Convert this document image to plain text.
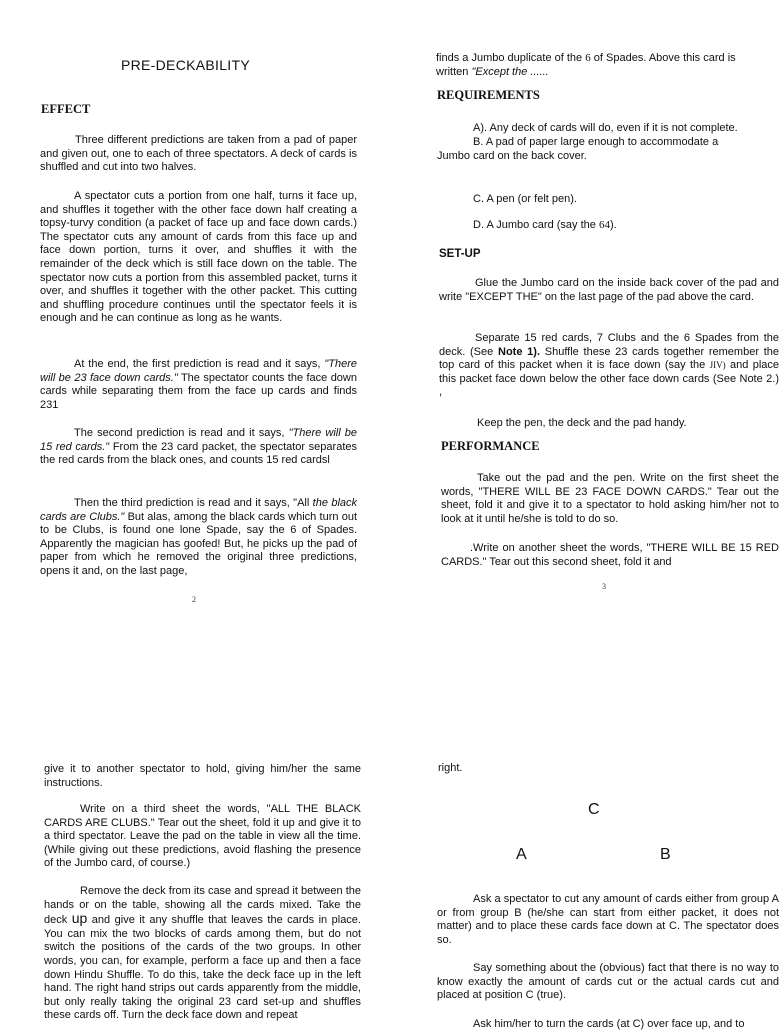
PRE-DECKABILITY
EFFECT

Three different predictions are taken from a pad of paper and given out, one to each of three spectators. A deck of cards is shuffled and cut into two halves.

A spectator cuts a portion from one half, turns it face up, and shuffles it together with the other face down half creating a topsy-turvy condition (a packet of face up and face down cards.) The spectator cuts any amount of cards from this face up and face down portion, turns it over, and shuffles it with the remainder of the deck which is still face down on the table. The spectator now cuts a portion from this assembled packet, turns it over, and shuffles it together with the other packet. This cutting and shuffling procedure continues until the spectator feels it is enough and he can continue as long as he wants.

At the end, the first prediction is read and it says, "There will be 23 face down cards." The spectator counts the face down cards while separating them from the face up cards and finds 231

The second prediction is read and it says, "There will be 15 red cards." From the 23 card packet, the spectator separates the red cards from the black ones, and counts 15 red cardsl

Then the third prediction is read and it says, "All the black cards are Clubs." But alas, among the black cards which turn out to be Clubs, is found one lone Spade, say the 6 of Spades. Apparently the magician has goofed! But, he picks up the pad of paper from which he removed the original three predictions, opens it and, on the last page,

2

finds a Jumbo duplicate of the 6 of Spades. Above this card is written "Except the ......

REQUIREMENTS

A). Any deck of cards will do, even if it is not complete.

B. A pad of paper large enough to accommodate a Jumbo card on the back cover.

C. A pen (or felt pen).

D. A Jumbo card (say the 64).

SET-UP

Glue the Jumbo card on the inside back cover of the pad and write "EXCEPT THE" on the last page of the pad above the card.

Separate 15 red cards, 7 Clubs and the 6 Spades from the deck. (See Note 1). Shuffle these 23 cards together remember the top card of this packet when it is face down (say the JIV) and place this packet face down below the other face down cards (See Note 2.) ,

Keep the pen, the deck and the pad handy.

PERFORMANCE

Take out the pad and the pen. Write on the first sheet the words, "THERE WILL BE 23 FACE DOWN CARDS." Tear out the sheet, fold it and give it to a spectator to hold asking him/her not to look at it until he/she is told to do so.

.Write on another sheet the words, "THERE WILL BE 15 RED CARDS." Tear out this second sheet, fold it and

3

give it to another spectator to hold, giving him/her the same instructions.

Write on a third sheet the words, "ALL THE BLACK CARDS ARE CLUBS." Tear out the sheet, fold it up and give it to a third spectator. Leave the pad on the table in view all the time. (While giving out these predictions, avoid flashing the presence of the Jumbo card, of course.)

Remove the deck from its case and spread it between the hands or on the table, showing all the cards mixed. Take the deck up and give it any shuffle that leaves the cards in place. You can mix the two blocks of cards among them, but do not switch the positions of the cards of the two groups. In other words, you can, for example, perform a face up and then a face down Hindu Shuffle. To do this, take the deck face up in the left hand. The right hand strips out cards apparently from the middle, but only really taking the original 23 card set-up and shuffles these cards off. Turn the deck face down and repeat

right.

C
A	B

Ask a spectator to cut any amount of cards either from group A or from group B (he/she can start from either packet, it does not matter) and to place these cards face down at C. The spectator does so.

Say something about the (obvious) fact that there is no way to know exactly the amount of cards cut or the actual cards cut and placed at position C (true).

Ask him/her to turn the cards (at C) over face up, and to
